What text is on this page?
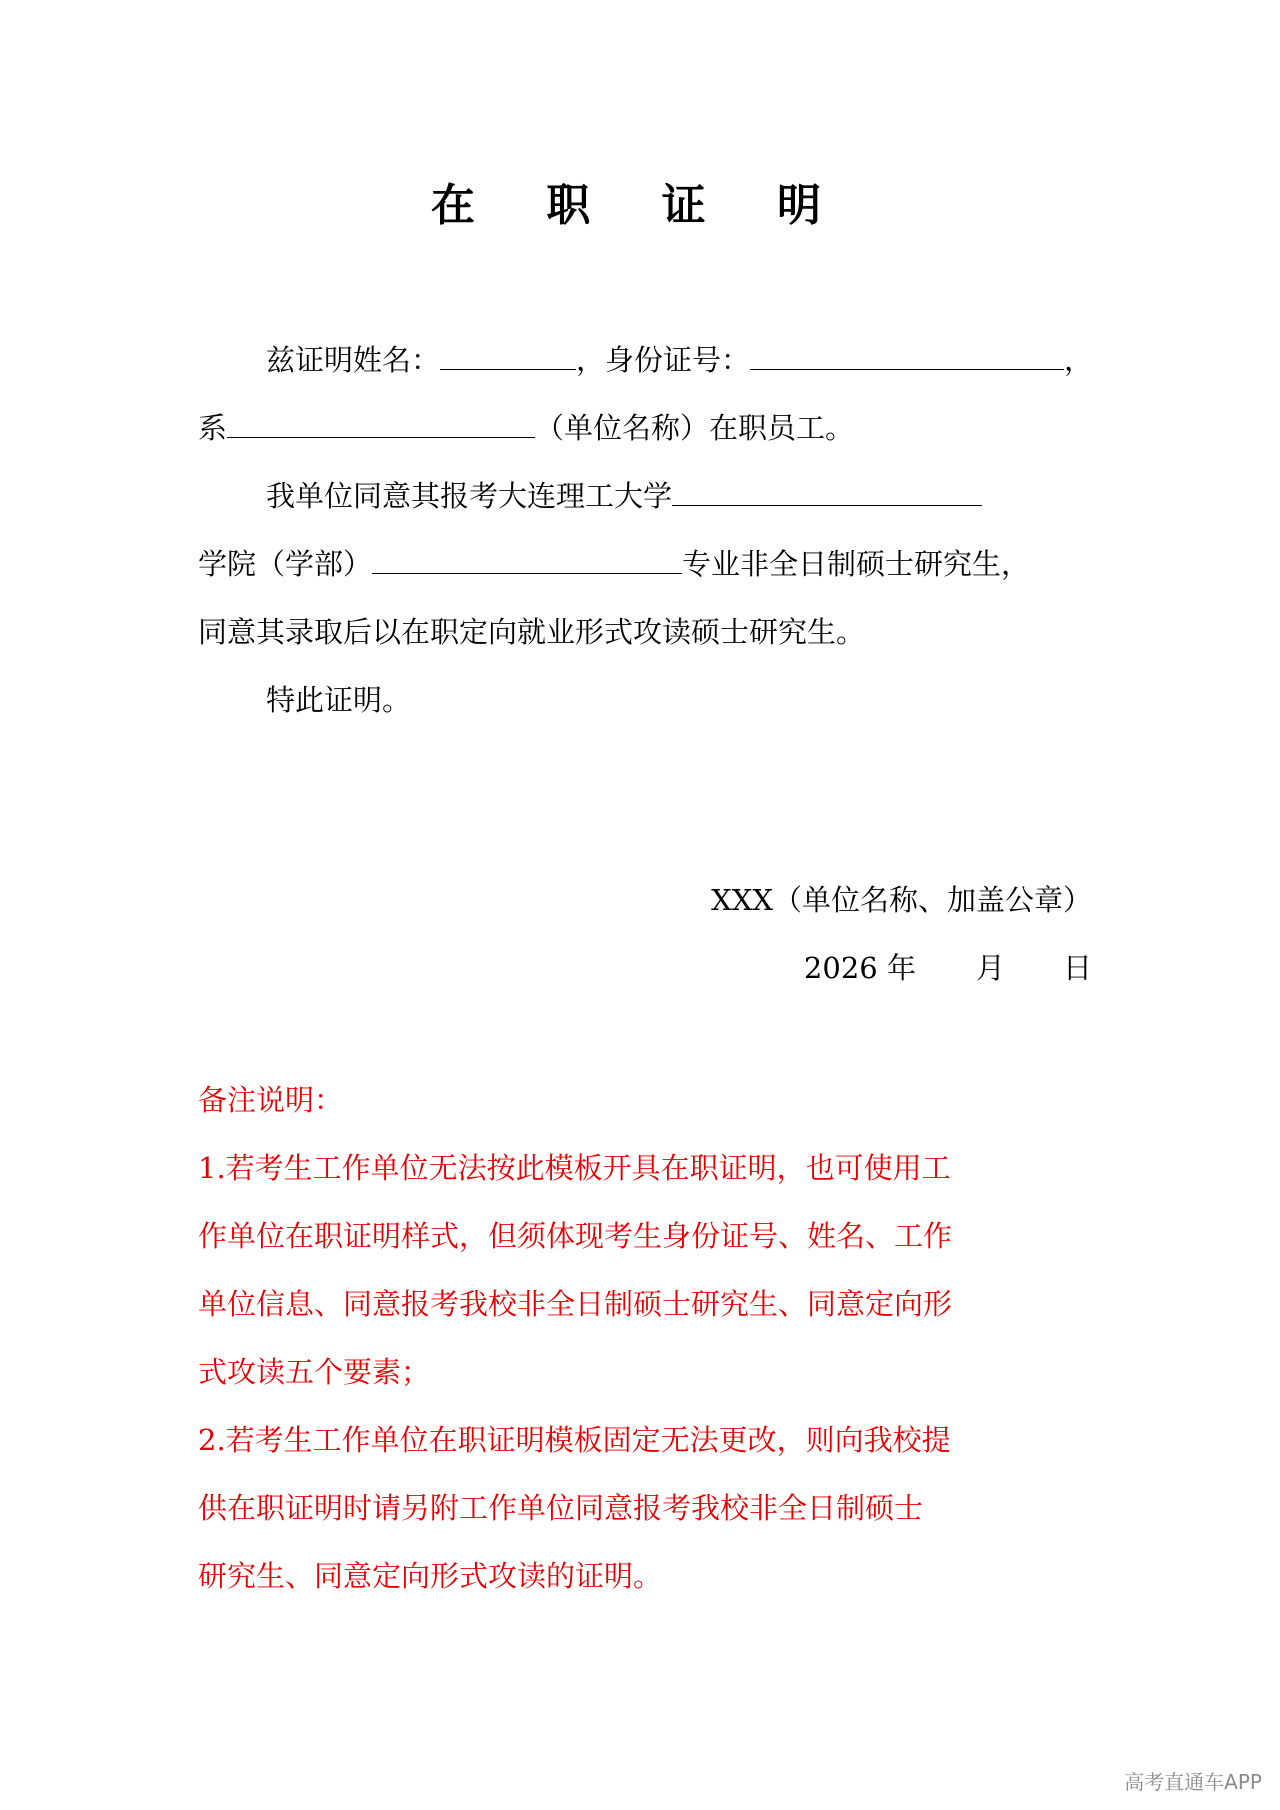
在 职 证 明
兹证明姓名：	，身份证号：	，
系	（单位名称）在职员工。
我单位同意其报考大连理工大学
学院（学部）	专业非全日制硕士研究生，
同意其录取后以在职定向就业形式攻读硕士研究生。
特此证明。
XXX（单位名称、加盖公章）
2026 年 月 日
备注说明：
1.若考生工作单位无法按此模板开具在职证明，也可使用工
作单位在职证明样式，但须体现考生身份证号、姓名、工作
单位信息、同意报考我校非全日制硕士研究生、同意定向形
式攻读五个要素；
2.若考生工作单位在职证明模板固定无法更改，则向我校提
供在职证明时请另附工作单位同意报考我校非全日制硕士
研究生、同意定向形式攻读的证明。
高考直通车APP
